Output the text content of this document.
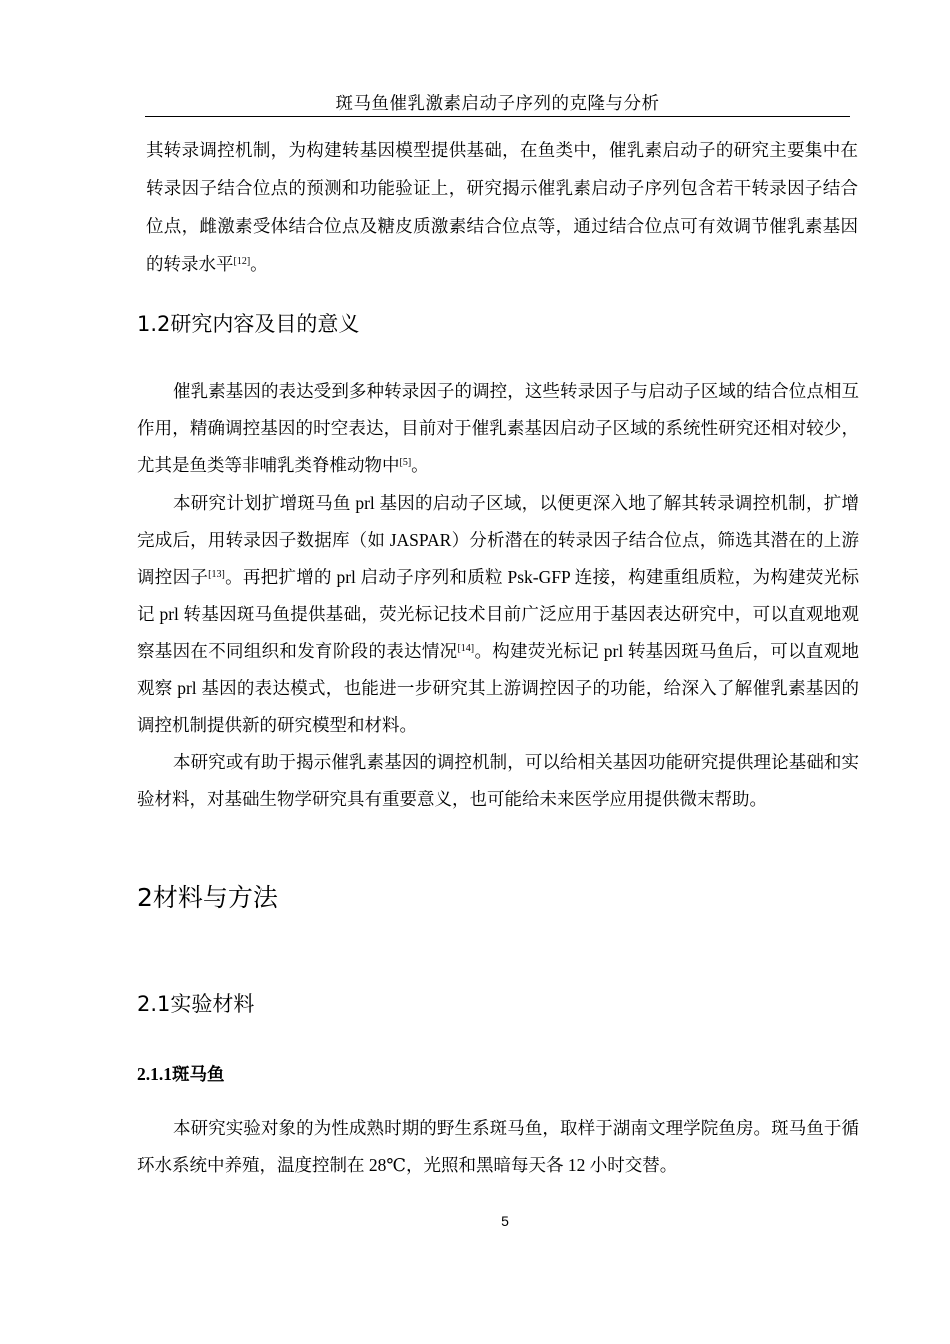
斑马鱼催乳激素启动子序列的克隆与分析

其转录调控机制，为构建转基因模型提供基础，在鱼类中，催乳素启动子的研究主要集中在转录因子结合位点的预测和功能验证上，研究揭示催乳素启动子序列包含若干转录因子结合位点，雌激素受体结合位点及糖皮质激素结合位点等，通过结合位点可有效调节催乳素基因的转录水平[12]。

1.2研究内容及目的意义

催乳素基因的表达受到多种转录因子的调控，这些转录因子与启动子区域的结合位点相互作用，精确调控基因的时空表达，目前对于催乳素基因启动子区域的系统性研究还相对较少，尤其是鱼类等非哺乳类脊椎动物中[5]。

本研究计划扩增斑马鱼 prl 基因的启动子区域，以便更深入地了解其转录调控机制，扩增完成后，用转录因子数据库（如 JASPAR）分析潜在的转录因子结合位点，筛选其潜在的上游调控因子[13]。再把扩增的 prl 启动子序列和质粒 Psk-GFP 连接，构建重组质粒，为构建荧光标记 prl 转基因斑马鱼提供基础，荧光标记技术目前广泛应用于基因表达研究中，可以直观地观察基因在不同组织和发育阶段的表达情况[14]。构建荧光标记 prl 转基因斑马鱼后，可以直观地观察 prl 基因的表达模式，也能进一步研究其上游调控因子的功能，给深入了解催乳素基因的调控机制提供新的研究模型和材料。

本研究或有助于揭示催乳素基因的调控机制，可以给相关基因功能研究提供理论基础和实验材料，对基础生物学研究具有重要意义，也可能给未来医学应用提供微末帮助。

2材料与方法
2.1实验材料
2.1.1斑马鱼

本研究实验对象的为性成熟时期的野生系斑马鱼，取样于湖南文理学院鱼房。斑马鱼于循环水系统中养殖，温度控制在 28℃，光照和黑暗每天各 12 小时交替。

5
